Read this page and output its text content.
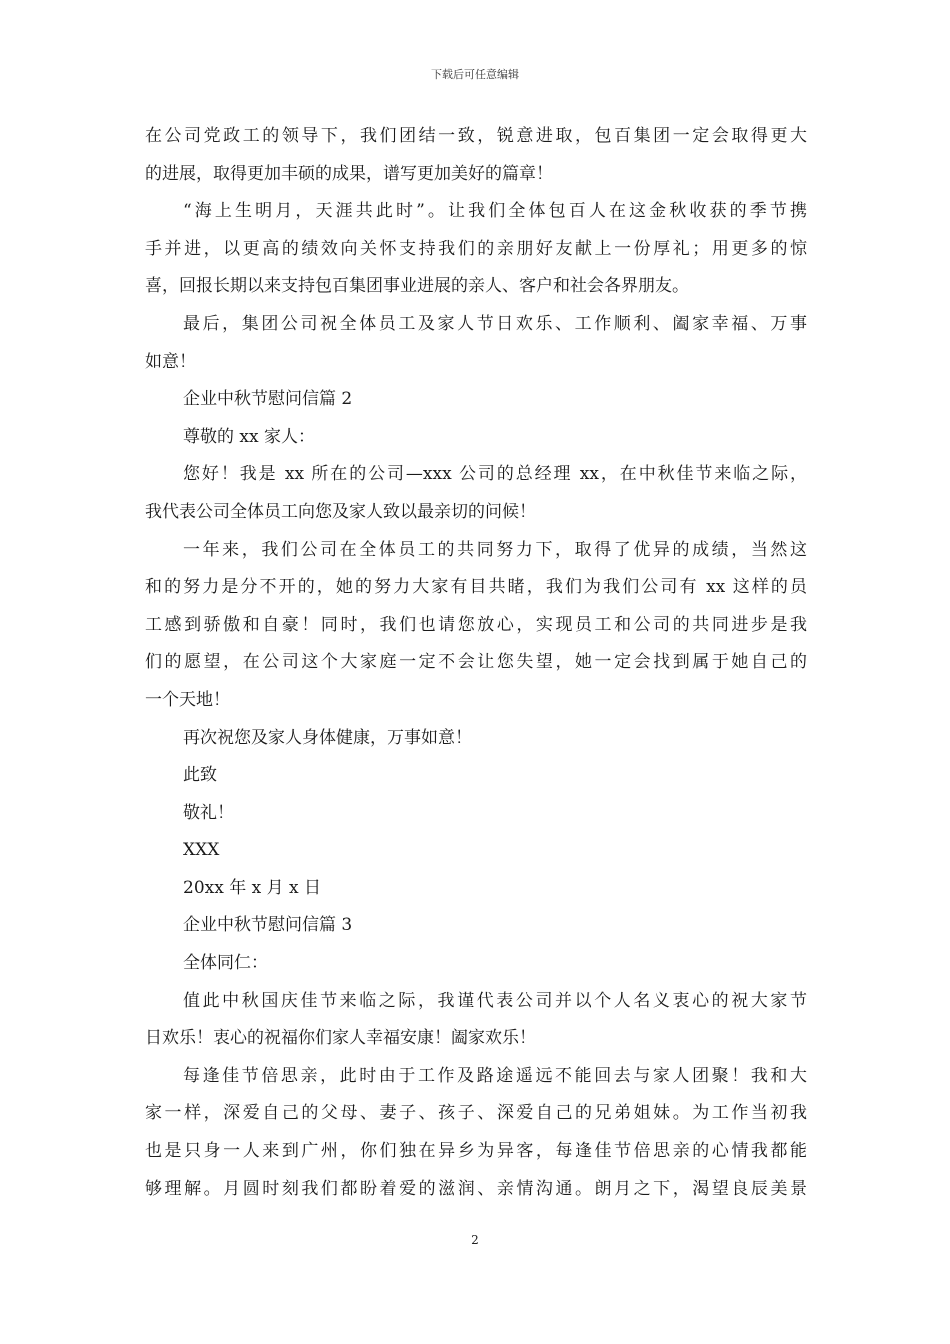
下载后可任意编辑
在公司党政工的领导下，我们团结一致，锐意进取，包百集团一定会取得更大
的进展，取得更加丰硕的成果，谱写更加美好的篇章！
“海上生明月，天涯共此时”。让我们全体包百人在这金秋收获的季节携
手并进，以更高的绩效向关怀支持我们的亲朋好友献上一份厚礼；用更多的惊
喜，回报长期以来支持包百集团事业进展的亲人、客户和社会各界朋友。
最后，集团公司祝全体员工及家人节日欢乐、工作顺利、阖家幸福、万事
如意！
企业中秋节慰问信篇 2
尊敬的 xx 家人：
您好！我是 xx 所在的公司—xxx 公司的总经理 xx，在中秋佳节来临之际，
我代表公司全体员工向您及家人致以最亲切的问候！
一年来，我们公司在全体员工的共同努力下，取得了优异的成绩，当然这
和的努力是分不开的，她的努力大家有目共睹，我们为我们公司有 xx 这样的员
工感到骄傲和自豪！同时，我们也请您放心，实现员工和公司的共同进步是我
们的愿望，在公司这个大家庭一定不会让您失望，她一定会找到属于她自己的
一个天地！
再次祝您及家人身体健康，万事如意！
此致
敬礼！
XXX
20xx 年 x 月 x 日
企业中秋节慰问信篇 3
全体同仁：
值此中秋国庆佳节来临之际，我谨代表公司并以个人名义衷心的祝大家节
日欢乐！衷心的祝福你们家人幸福安康！阖家欢乐！
每逢佳节倍思亲，此时由于工作及路途遥远不能回去与家人团聚！我和大
家一样，深爱自己的父母、妻子、孩子、深爱自己的兄弟姐妹。为工作当初我
也是只身一人来到广州，你们独在异乡为异客，每逢佳节倍思亲的心情我都能
够理解。月圆时刻我们都盼着爱的滋润、亲情沟通。朗月之下，渴望良辰美景
2
